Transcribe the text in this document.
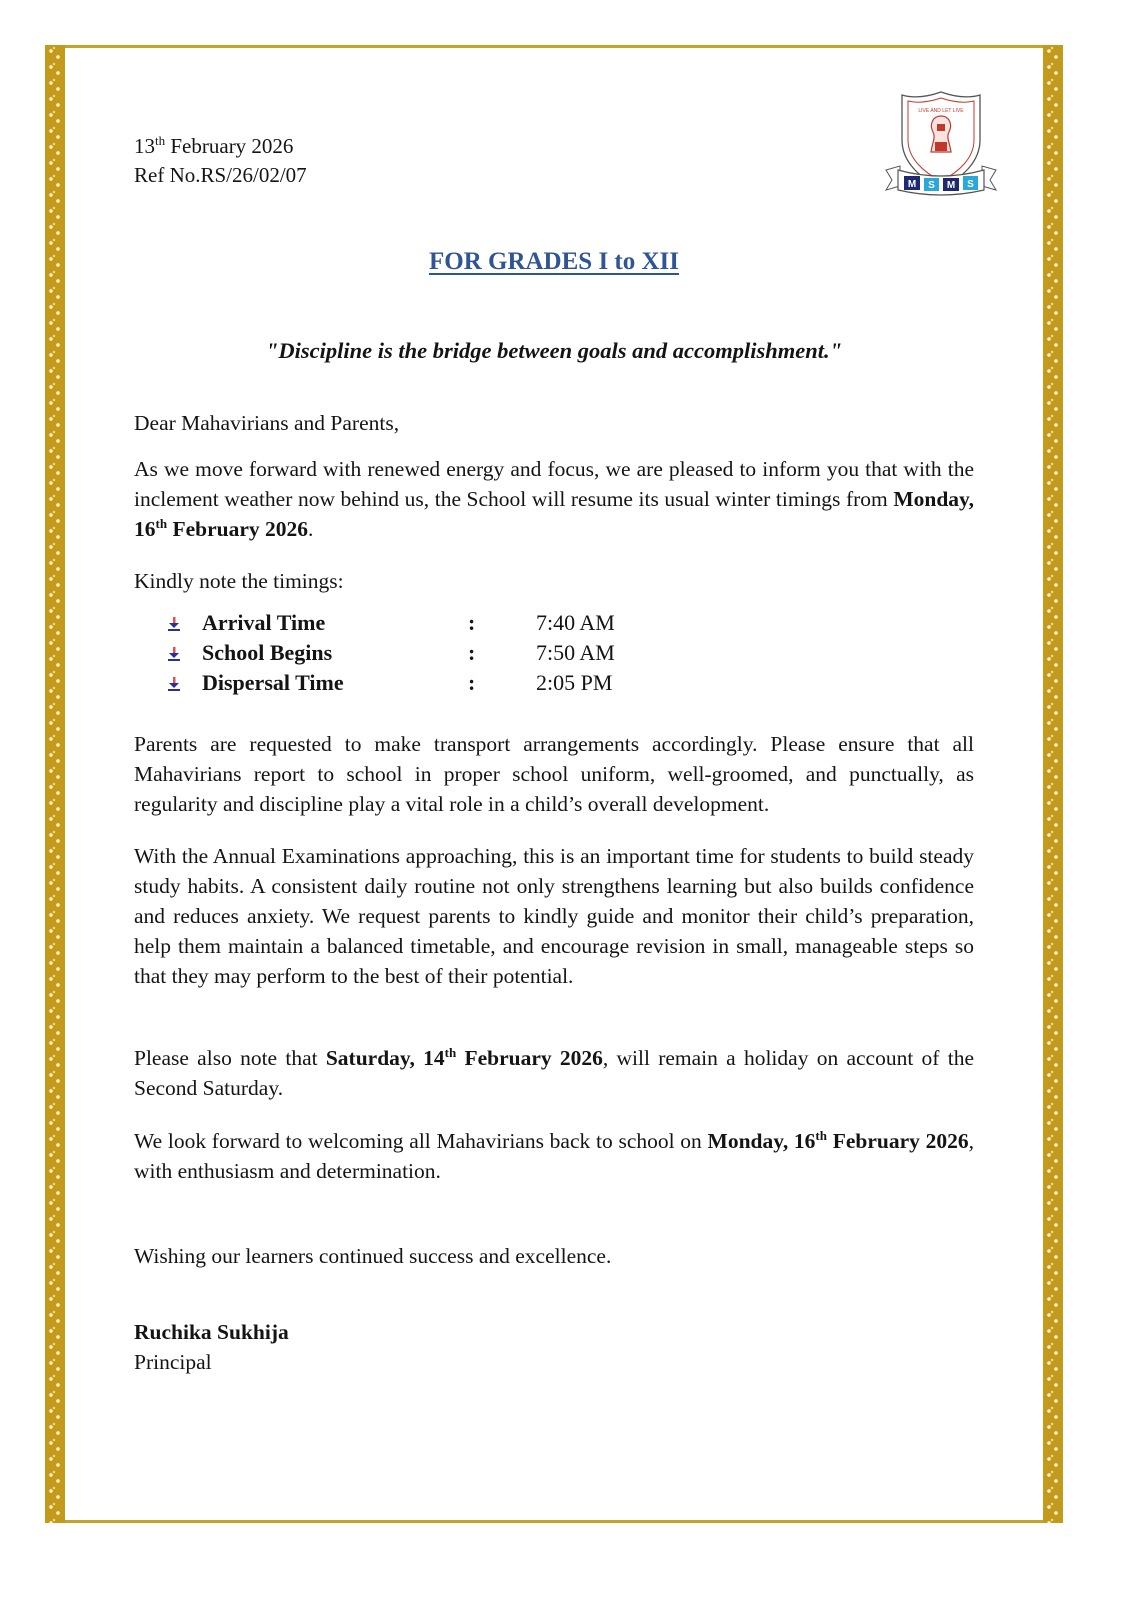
13th February 2026
Ref No.RS/26/02/07
LIVE AND LET LIVE
M S M S
FOR GRADES I to XII
"Discipline is the bridge between goals and accomplishment."

Dear Mahavirians and Parents,

As we move forward with renewed energy and focus, we are pleased to inform you that with the inclement weather now behind us, the School will resume its usual winter timings from Monday, 16th February 2026.

Kindly note the timings:

Arrival Time	:	7:40 AM
School Begins	:	7:50 AM
Dispersal Time	:	2:05 PM

Parents are requested to make transport arrangements accordingly. Please ensure that all Mahavirians report to school in proper school uniform, well-groomed, and punctually, as regularity and discipline play a vital role in a child’s overall development.

With the Annual Examinations approaching, this is an important time for students to build steady study habits. A consistent daily routine not only strengthens learning but also builds confidence and reduces anxiety. We request parents to kindly guide and monitor their child’s preparation, help them maintain a balanced timetable, and encourage revision in small, manageable steps so that they may perform to the best of their potential.

Please also note that Saturday, 14th February 2026, will remain a holiday on account of the Second Saturday.

We look forward to welcoming all Mahavirians back to school on Monday, 16th February 2026, with enthusiasm and determination.

Wishing our learners continued success and excellence.

Ruchika Sukhija

Principal
